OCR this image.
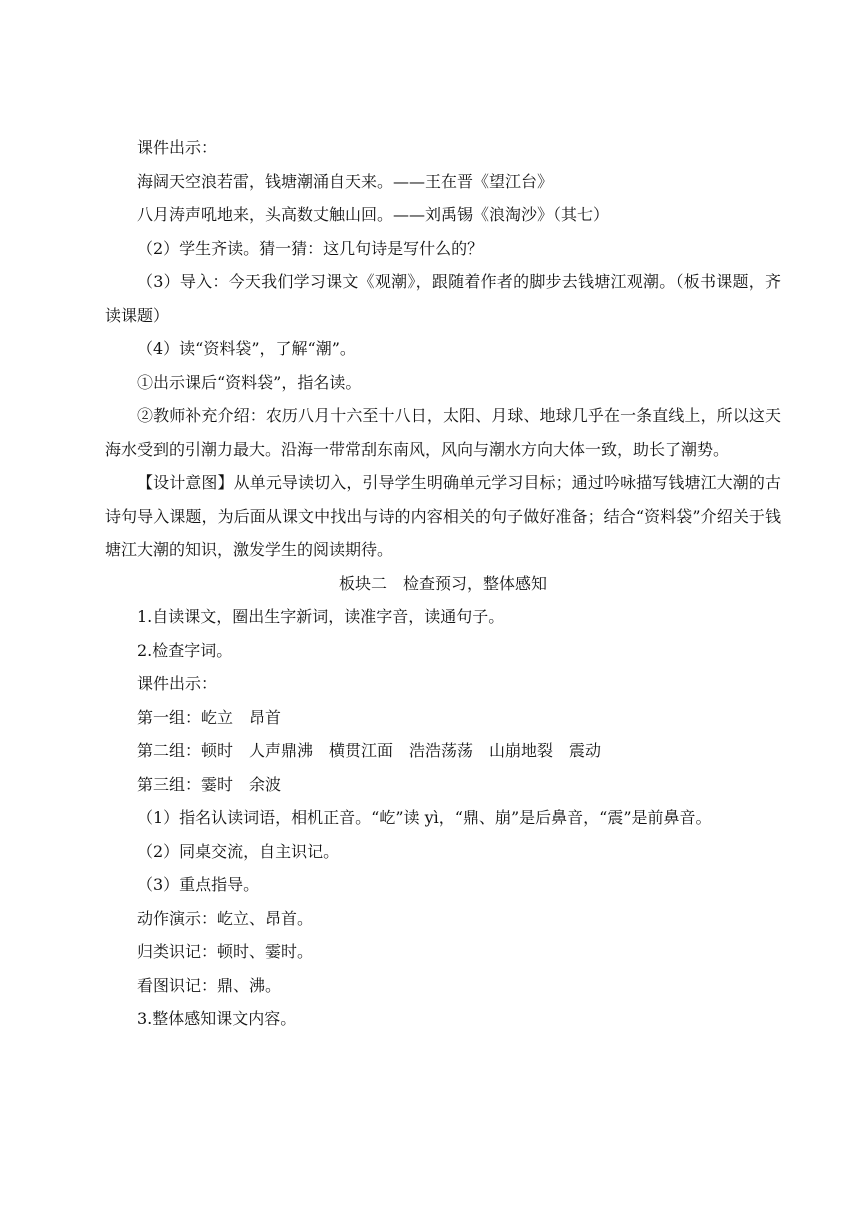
课件出示：

海阔天空浪若雷，钱塘潮涌自天来。——王在晋《望江台》

八月涛声吼地来，头高数丈触山回。——刘禹锡《浪淘沙》（其七）

（2）学生齐读。猜一猜：这几句诗是写什么的？

（3）导入：今天我们学习课文《观潮》，跟随着作者的脚步去钱塘江观潮。（板书课题，齐读课题）

（4）读“资料袋”，了解“潮”。

①出示课后“资料袋”，指名读。

②教师补充介绍：农历八月十六至十八日，太阳、月球、地球几乎在一条直线上，所以这天海水受到的引潮力最大。沿海一带常刮东南风，风向与潮水方向大体一致，助长了潮势。

【设计意图】从单元导读切入，引导学生明确单元学习目标；通过吟咏描写钱塘江大潮的古诗句导入课题，为后面从课文中找出与诗的内容相关的句子做好准备；结合“资料袋”介绍关于钱塘江大潮的知识，激发学生的阅读期待。

板块二　检查预习，整体感知

1.自读课文，圈出生字新词，读准字音，读通句子。

2.检查字词。

课件出示：

第一组：屹立　昂首

第二组：顿时　人声鼎沸　横贯江面　浩浩荡荡　山崩地裂　震动

第三组：霎时　余波

（1）指名认读词语，相机正音。“屹”读 yì，“鼎、崩”是后鼻音，“震”是前鼻音。

（2）同桌交流，自主识记。

（3）重点指导。

动作演示：屹立、昂首。

归类识记：顿时、霎时。

看图识记：鼎、沸。

3.整体感知课文内容。
